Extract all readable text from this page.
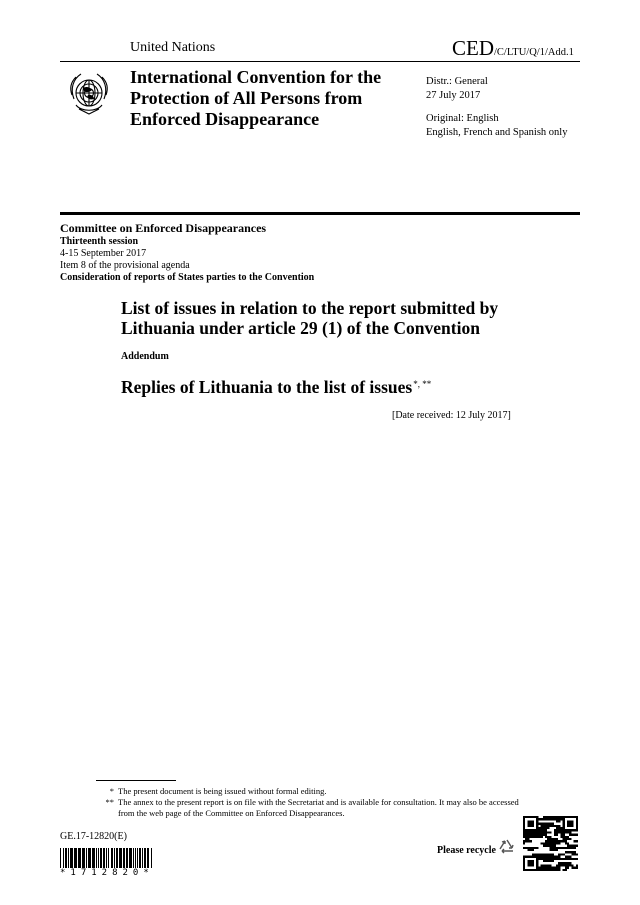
United Nations	CED/C/LTU/Q/1/Add.1
International Convention for the Protection of All Persons from Enforced Disappearance
Distr.: General
27 July 2017
Original: English
English, French and Spanish only
Committee on Enforced Disappearances
Thirteenth session
4-15 September 2017
Item 8 of the provisional agenda
Consideration of reports of States parties to the Convention
List of issues in relation to the report submitted by Lithuania under article 29 (1) of the Convention
Addendum
Replies of Lithuania to the list of issues*, **
[Date received: 12 July 2017]
* The present document is being issued without formal editing.
** The annex to the present report is on file with the Secretariat and is available for consultation. It may also be accessed from the web page of the Committee on Enforced Disappearances.
GE.17-12820(E)
*1712820*
Please recycle
